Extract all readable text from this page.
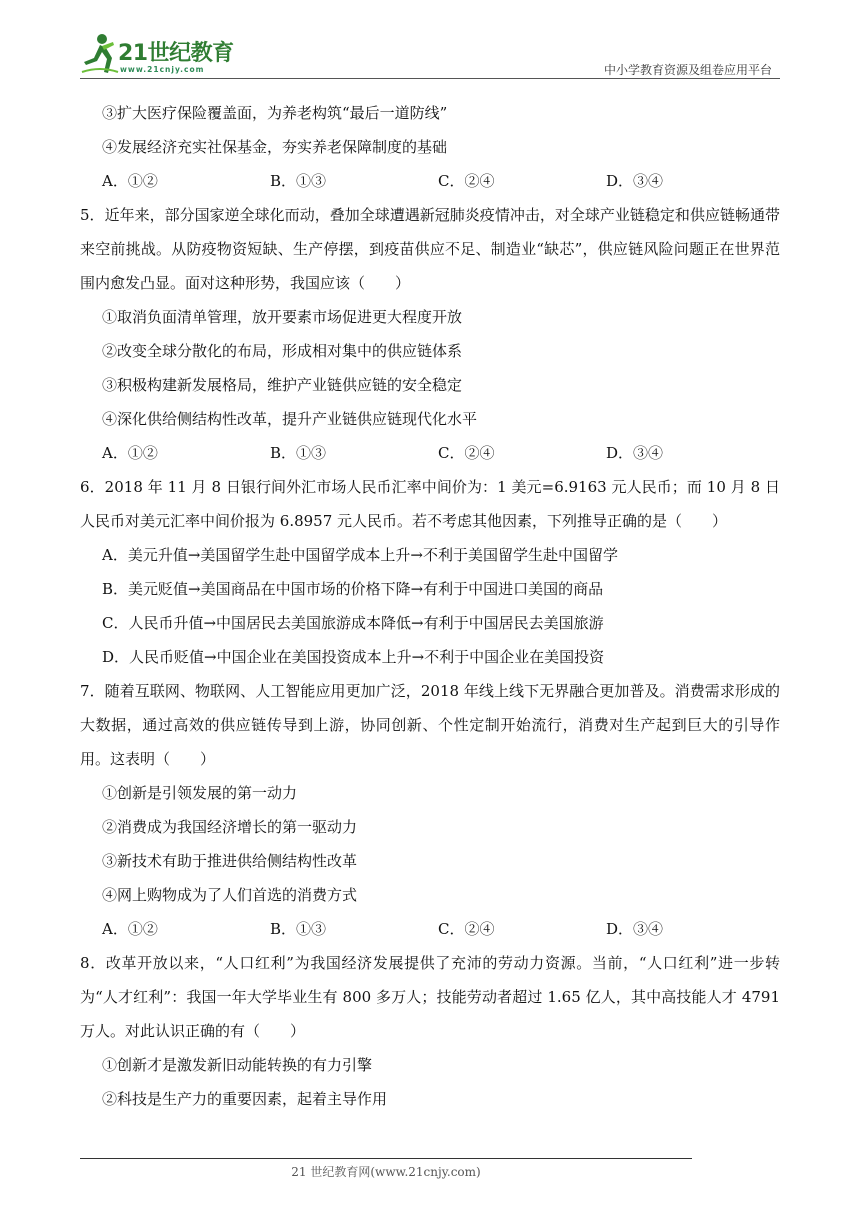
21世纪教育
www.21cnjy.com	中小学教育资源及组卷应用平台
③扩大医疗保险覆盖面，为养老构筑“最后一道防线”
④发展经济充实社保基金，夯实养老保障制度的基础
A．①②	B．①③	C．②④	D．③④
5．近年来，部分国家逆全球化而动，叠加全球遭遇新冠肺炎疫情冲击，对全球产业链稳定和供应链畅通带来空前挑战。从防疫物资短缺、生产停摆，到疫苗供应不足、制造业“缺芯”，供应链风险问题正在世界范围内愈发凸显。面对这种形势，我国应该（　　）
①取消负面清单管理，放开要素市场促进更大程度开放
②改变全球分散化的布局，形成相对集中的供应链体系
③积极构建新发展格局，维护产业链供应链的安全稳定
④深化供给侧结构性改革，提升产业链供应链现代化水平
A．①②	B．①③	C．②④	D．③④
6．2018 年 11 月 8 日银行间外汇市场人民币汇率中间价为：1 美元=6.9163 元人民币；而 10 月 8 日人民币对美元汇率中间价报为 6.8957 元人民币。若不考虑其他因素，下列推导正确的是（　　）
A．美元升值→美国留学生赴中国留学成本上升→不利于美国留学生赴中国留学
B．美元贬值→美国商品在中国市场的价格下降→有利于中国进口美国的商品
C．人民币升值→中国居民去美国旅游成本降低→有利于中国居民去美国旅游
D．人民币贬值→中国企业在美国投资成本上升→不利于中国企业在美国投资
7．随着互联网、物联网、人工智能应用更加广泛，2018 年线上线下无界融合更加普及。消费需求形成的大数据，通过高效的供应链传导到上游，协同创新、个性定制开始流行，消费对生产起到巨大的引导作用。这表明（　　）
①创新是引领发展的第一动力
②消费成为我国经济增长的第一驱动力
③新技术有助于推进供给侧结构性改革
④网上购物成为了人们首选的消费方式
A．①②	B．①③	C．②④	D．③④
8．改革开放以来，“人口红利”为我国经济发展提供了充沛的劳动力资源。当前，“人口红利”进一步转为“人才红利”：我国一年大学毕业生有 800 多万人；技能劳动者超过 1.65 亿人，其中高技能人才 4791 万人。对此认识正确的有（　　）
①创新才是激发新旧动能转换的有力引擎
②科技是生产力的重要因素，起着主导作用
21 世纪教育网(www.21cnjy.com)
